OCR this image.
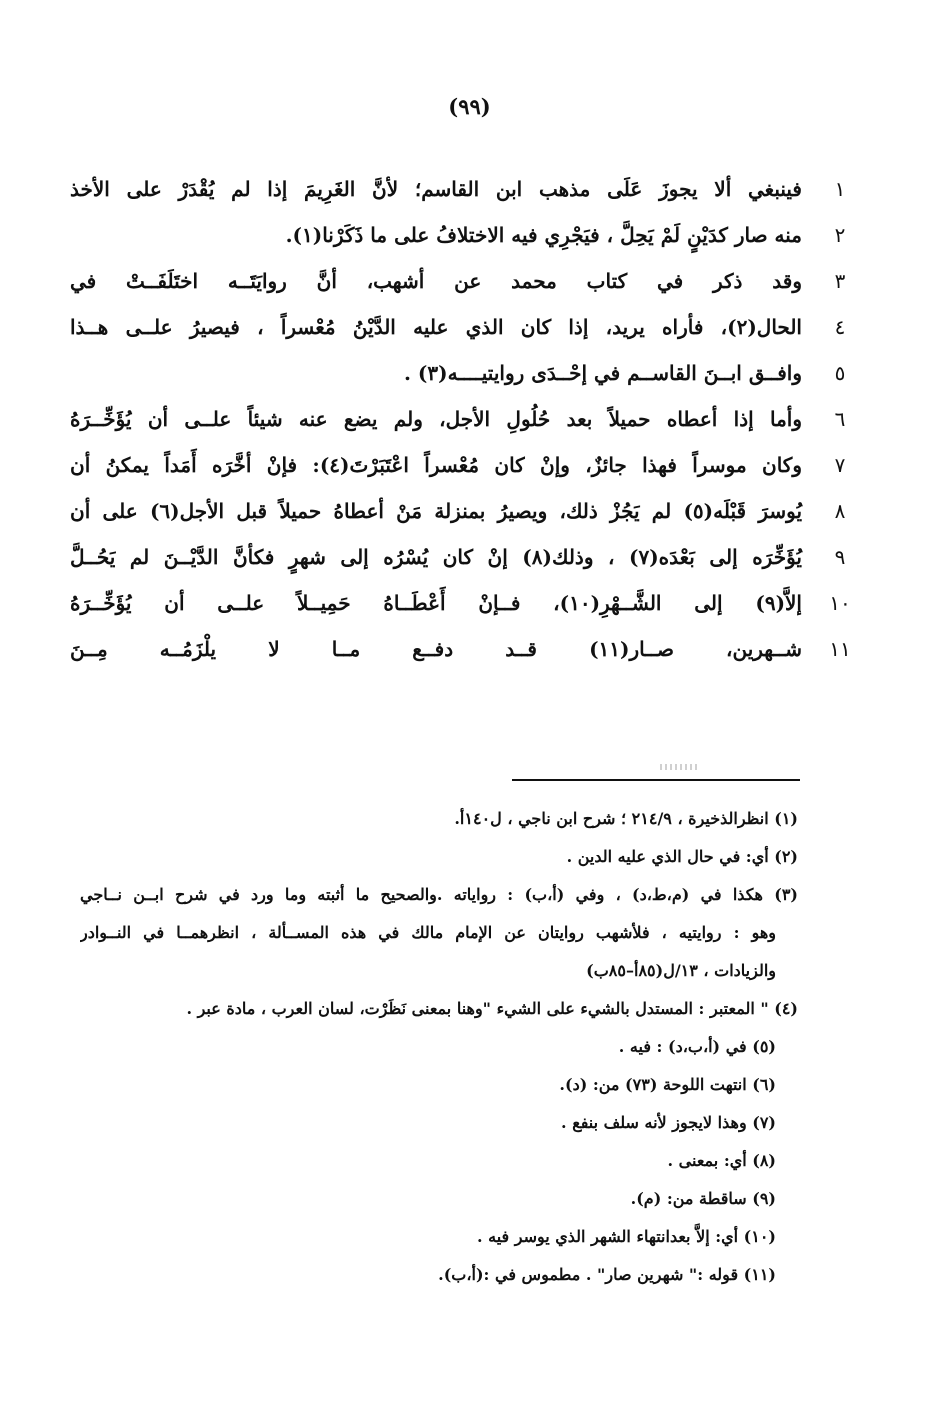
(٩٩)
١
فينبغي ألا يجوزَ عَلَى مذهب ابن القاسم؛ لأنَّ الغَرِيمَ إذا لم يُقْدَرْ على الأخذ
٢
منه صار كدَيْنٍ لَمْ يَحِلَّ ، فيَجْرِي فيه الاختلافُ على ما ذَكَرْنا(١).
٣
وقد ذكر في كتاب محمد عن أشهب، أنَّ روايَتَــه اختَلَفَــتْ في
٤
الحال(٢)، فأراه يريد، إذا كان الذي عليه الدَّيْنُ مُعْسراً ، فيصيرُ علــى هــذا
٥
وافــق ابــنَ القاســم في إحْــدَى روايتيــــه(٣) .
٦
وأما إذا أعطاه حميلاً بعد حُلُولِ الأجل، ولم يضع عنه شيئاً علــى أن يُؤَخِّــرَهُ
٧
وكان موسراً فهذا جائزٌ، وإنْ كان مُعْسراً اعْتَبَرْتَ(٤): فإنْ أخَّرَه أَمَداً يمكنُ أن
٨
يُوسرَ قَبْلَه(٥) لم يَجُزْ ذلك، ويصيرُ بمنزلة مَنْ أعطاهُ حميلاً قبل الأجل(٦) على أن
٩
يُؤَخِّرَه إلى بَعْدَه(٧) ، وذلك(٨) إنْ كان يُسْرُه إلى شهرٍ فكأنَّ الدَّيْــنَ لم يَحُــلَّ
١٠
إلاَّ(٩) إلى الشَّــهْرِ(١٠)، فــإنْ أَعْطَــاهُ حَمِيــلاً علــى أن يُؤَخِّــرَهُ
١١
شــهرين، صــار(١١) قــد دفــع مــا لا يلْزَمُــه مِــنَ
(١) انظرالذخيرة ، ٢١٤/٩ ؛ شرح ابن ناجي ، ل١٤٠أ.
(٢) أي: في حال الذي عليه الدين .
(٣) هكذا في (م،ط،د) ، وفي (أ،ب) : رواياته .والصحيح ما أثبته وما ورد في شرح ابــن نــاجي
وهو : روايتيه ، فلأشهب روايتان عن الإمام مالك في هذه المســألة ، انظرهمــا في النــوادر
والزيادات ، ١٣/ل(٨٥أ–٨٥ب)
(٤) " المعتبر : المستدل بالشيء على الشيء "وهنا بمعنى نَظَرْت، لسان العرب ، مادة عبر .
(٥) في (أ،ب،د) : فيه .
(٦) انتهت اللوحة (٧٣) من: (د).
(٧) وهذا لايجوز لأنه سلف بنفع .
(٨) أي: بمعنى .
(٩) ساقطة من: (م).
(١٠) أي: إلاَّ بعدانتهاء الشهر الذي يوسر فيه .
(١١) قوله :" شهرين صار" . مطموس في :(أ،ب).
